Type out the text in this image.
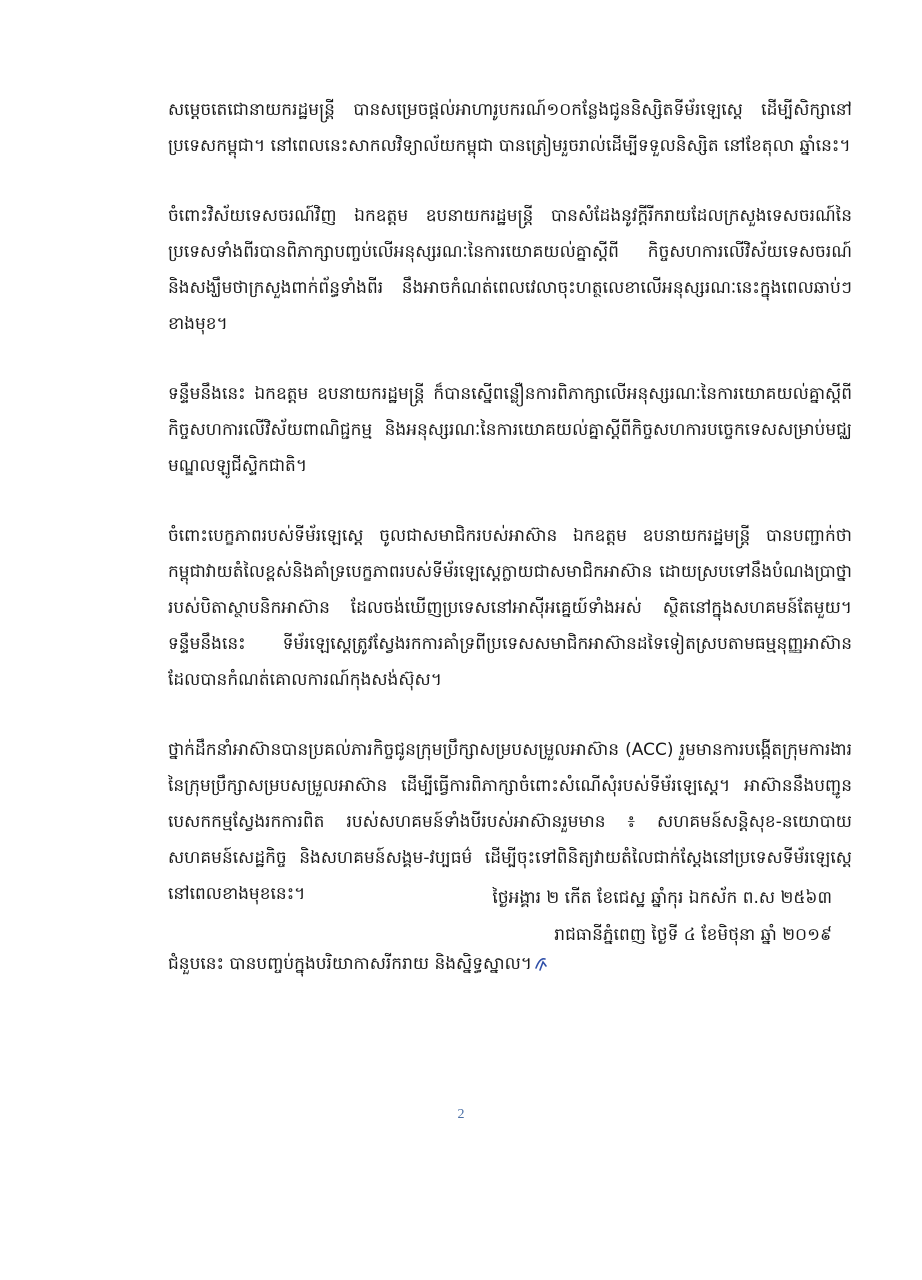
សម្ដេចតេជោនាយករដ្ឋមន្ត្រី បានសម្រេចផ្ដល់អាហារូបករណ៍១០កន្លែងជូននិស្សិតទីម័រឡេស្តេ ដើម្បីសិក្សានៅប្រទេសកម្ពុជា។ នៅពេលនេះសាកលវិទ្យាល័យកម្ពុជា បានត្រៀមរួចរាល់ដើម្បីទទួលនិស្សិត នៅខែតុលា ឆ្នាំនេះ។

ចំពោះវិស័យទេសចរណ៍វិញ ឯកឧត្តម ឧបនាយករដ្ឋមន្ត្រី បានសំដែងនូវក្ដីរីករាយដែលក្រសួងទេសចរណ៍នៃប្រទេសទាំងពីរបានពិភាក្សាបញ្ចប់លើអនុស្សរណៈនៃការយោគយល់គ្នាស្ដីពី កិច្ចសហការលើវិស័យទេសចរណ៍ និងសង្ឃឹមថាក្រសួងពាក់ព័ន្ធទាំងពីរ នឹងអាចកំណត់ពេលវេលាចុះហត្ថលេខាលើអនុស្សរណៈនេះក្នុងពេលឆាប់ៗខាងមុខ។

ទន្ទឹមនឹងនេះ ឯកឧត្តម ឧបនាយករដ្ឋមន្ត្រី ក៏បានស្នើពន្លឿនការពិភាក្សាលើអនុស្សរណៈនៃការយោគយល់គ្នាស្ដីពីកិច្ចសហការលើវិស័យពាណិជ្ជកម្ម និងអនុស្សរណៈនៃការយោគយល់គ្នាស្ដីពីកិច្ចសហការបច្ចេកទេសសម្រាប់មជ្ឈមណ្ឌលឡូជីស្ទិកជាតិ។

ចំពោះបេក្ខភាពរបស់ទីម័រឡេស្តេ ចូលជាសមាជិករបស់អាស៊ាន ឯកឧត្តម ឧបនាយករដ្ឋមន្ត្រី បានបញ្ជាក់ថា កម្ពុជាវាយតំលៃខ្ពស់និងគាំទ្របេក្ខភាពរបស់ទីម័រឡេស្តេក្លាយជាសមាជិកអាស៊ាន ដោយស្របទៅនឹងបំណងប្រាថ្នារបស់បិតាស្ថាបនិកអាស៊ាន ដែលចង់ឃើញប្រទេសនៅអាស៊ីអគ្នេយ៍ទាំងអស់ ស្ថិតនៅក្នុងសហគមន៍តែមួយ។ ទន្ទឹមនឹងនេះ ទីម័រឡេស្តេត្រូវស្វែងរកការគាំទ្រពីប្រទេសសមាជិកអាស៊ានដទៃទៀតស្របតាមធម្មនុញ្ញអាស៊ានដែលបានកំណត់គោលការណ៍កុងសង់ស៊ុស។

ថ្នាក់ដឹកនាំអាស៊ានបានប្រគល់ភារកិច្ចជូនក្រុមប្រឹក្សាសម្របសម្រួលអាស៊ាន (ACC) រួមមានការបង្កើតក្រុមការងារនៃក្រុមប្រឹក្សាសម្របសម្រួលអាស៊ាន ដើម្បីធ្វើការពិភាក្សាចំពោះសំណើសុំរបស់ទីម័រឡេស្តេ។ អាស៊ាននឹងបញ្ជូនបេសកកម្មស្វែងរកការពិត របស់សហគមន៍ទាំងបីរបស់អាស៊ានរួមមាន ៖ សហគមន៍សន្តិសុខ-នយោបាយ សហគមន៍សេដ្ឋកិច្ច និងសហគមន៍សង្គម-វប្បធម៌ ដើម្បីចុះទៅពិនិត្យវាយតំលៃជាក់ស្តែងនៅប្រទេសទីម័រឡេស្តេ នៅពេលខាងមុខនេះ។

ជំនួបនេះ បានបញ្ចប់ក្នុងបរិយាកាសរីករាយ និងស្និទ្ធស្នាល។

ថ្ងៃអង្គារ ២ កើត ខែជេស្ឋ ឆ្នាំកុរ ឯកស័ក ព.ស ២៥៦៣
រាជធានីភ្នំពេញ ថ្ងៃទី ៤ ខែមិថុនា ឆ្នាំ ២០១៩
2
